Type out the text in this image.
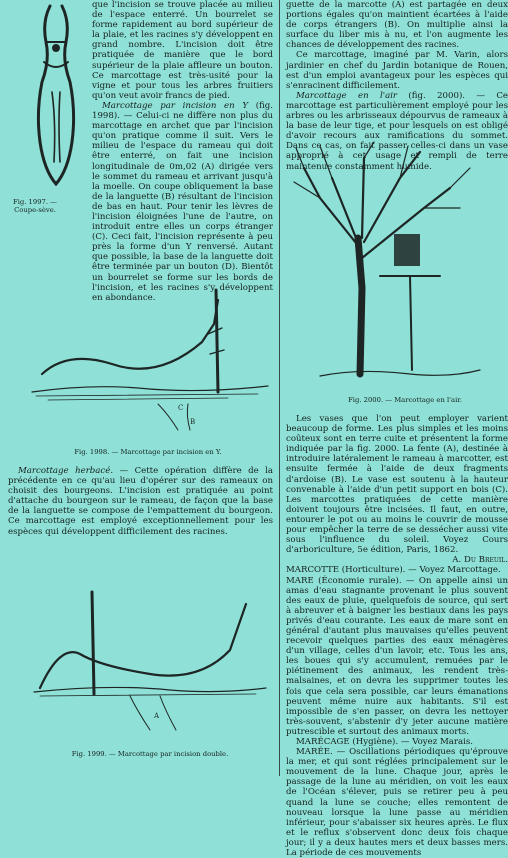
Fig. 1997. — Coupe-sève.

que l'incision se trouve placée au milieu de l'espace enterré. Un bourrelet se forme rapidement au bord supérieur de la plaie, et les racines s'y développent en grand nombre. L'incision doit être pratiquée de manière que le bord supérieur de la plaie affleure un bouton. Ce marcottage est très-usité pour la vigne et pour tous les arbres fruitiers qu'on veut avoir francs de pied.

Marcottage par incision en Y (fig. 1998). — Celui-ci ne diffère non plus du marcottage en archet que par l'incision qu'on pratique comme il suit. Vers le milieu de l'espace du rameau qui doit être enterré, on fait une incision longitudinale de 0m,02 (A) dirigée vers le sommet du rameau et arrivant jusqu'à la moelle. On coupe obliquement la base de la languette (B) résultant de l'incision de bas en haut. Pour tenir les lèvres de l'incision éloignées l'une de l'autre, on introduit entre elles un corps étranger (C). Ceci fait, l'incision représente à peu près la forme d'un Y renversé. Autant que possible, la base de la languette doit être terminée par un bouton (D). Bientôt un bourrelet se forme sur les bords de l'incision, et les racines s'y développent en abondance.

C
B

Fig. 1998. — Marcottage par incision en Y.

Marcottage herbacé. — Cette opération diffère de la précédente en ce qu'au lieu d'opérer sur des rameaux on choisit des bourgeons. L'incision est pratiquée au point d'attache du bourgeon sur le rameau, de façon que la base de la languette se compose de l'empattement du bourgeon. Ce marcottage est employé exceptionnellement pour les espèces qui développent difficilement des racines.

A

Fig. 1999. — Marcottage par incision double.

guette de la marcotte (A) est partagée en deux portions égales qu'on maintient écartées à l'aide de corps étrangers (B). On multiplie ainsi la surface du liber mis à nu, et l'on augmente les chances de développement des racines.

Ce marcottage, imaginé par M. Varin, alors jardinier en chef du Jardin botanique de Rouen, est d'un emploi avantageux pour les espèces qui s'enracinent difficilement.

Marcottage en l'air (fig. 2000). — Ce marcottage est particulièrement employé pour les arbres ou les arbrisseaux dépourvus de rameaux à la base de leur tige, et pour lesquels on est obligé d'avoir recours aux ramifications du sommet. Dans ce cas, on fait passer celles-ci dans un vase approprié à cet usage et rempli de terre maintenue constamment humide.

Fig. 2000. — Marcottage en l'air.

Les vases que l'on peut employer varient beaucoup de forme. Les plus simples et les moins coûteux sont en terre cuite et présentent la forme indiquée par la fig. 2000. La fente (A), destinée à introduire latéralement le rameau à marcotter, est ensuite fermée à l'aide de deux fragments d'ardoise (B). Le vase est soutenu à la hauteur convenable à l'aide d'un petit support en bois (C). Les marcottes pratiquées de cette manière doivent toujours être incisées. Il faut, en outre, entourer le pot ou au moins le couvrir de mousse pour empêcher la terre de se dessécher aussi vite sous l'influence du soleil. Voyez Cours d'arboriculture, 5e édition, Paris, 1862.

A. Du Breuil.

MARCOTTE (Horticulture). — Voyez Marcottage.

MARE (Économie rurale). — On appelle ainsi un amas d'eau stagnante provenant le plus souvent des eaux de pluie, quelquefois de source, qui sert à abreuver et à baigner les bestiaux dans les pays privés d'eau courante. Les eaux de mare sont en général d'autant plus mauvaises qu'elles peuvent recevoir quelques parties des eaux ménagères d'un village, celles d'un lavoir, etc. Tous les ans, les boues qui s'y accumulent, remuées par le piétinement des animaux, les rendent très-malsaines, et on devra les supprimer toutes les fois que cela sera possible, car leurs émanations peuvent même nuire aux habitants. S'il est impossible de s'en passer, on devra les nettoyer très-souvent, s'abstenir d'y jeter aucune matière putrescible et surtout des animaux morts.

MARÉCAGE (Hygiène). — Voyez Marais.

MARÉE. — Oscillations périodiques qu'éprouve la mer, et qui sont réglées principalement sur le mouvement de la lune. Chaque jour, après le passage de la lune au méridien, on voit les eaux de l'Océan s'élever, puis se retirer peu à peu quand la lune se couche; elles remontent de nouveau lorsque la lune passe au méridien inférieur, pour s'abaisser six heures après. Le flux et le reflux s'observent donc deux fois chaque jour; il y a deux hautes mers et deux basses mers. La période de ces mouvements
